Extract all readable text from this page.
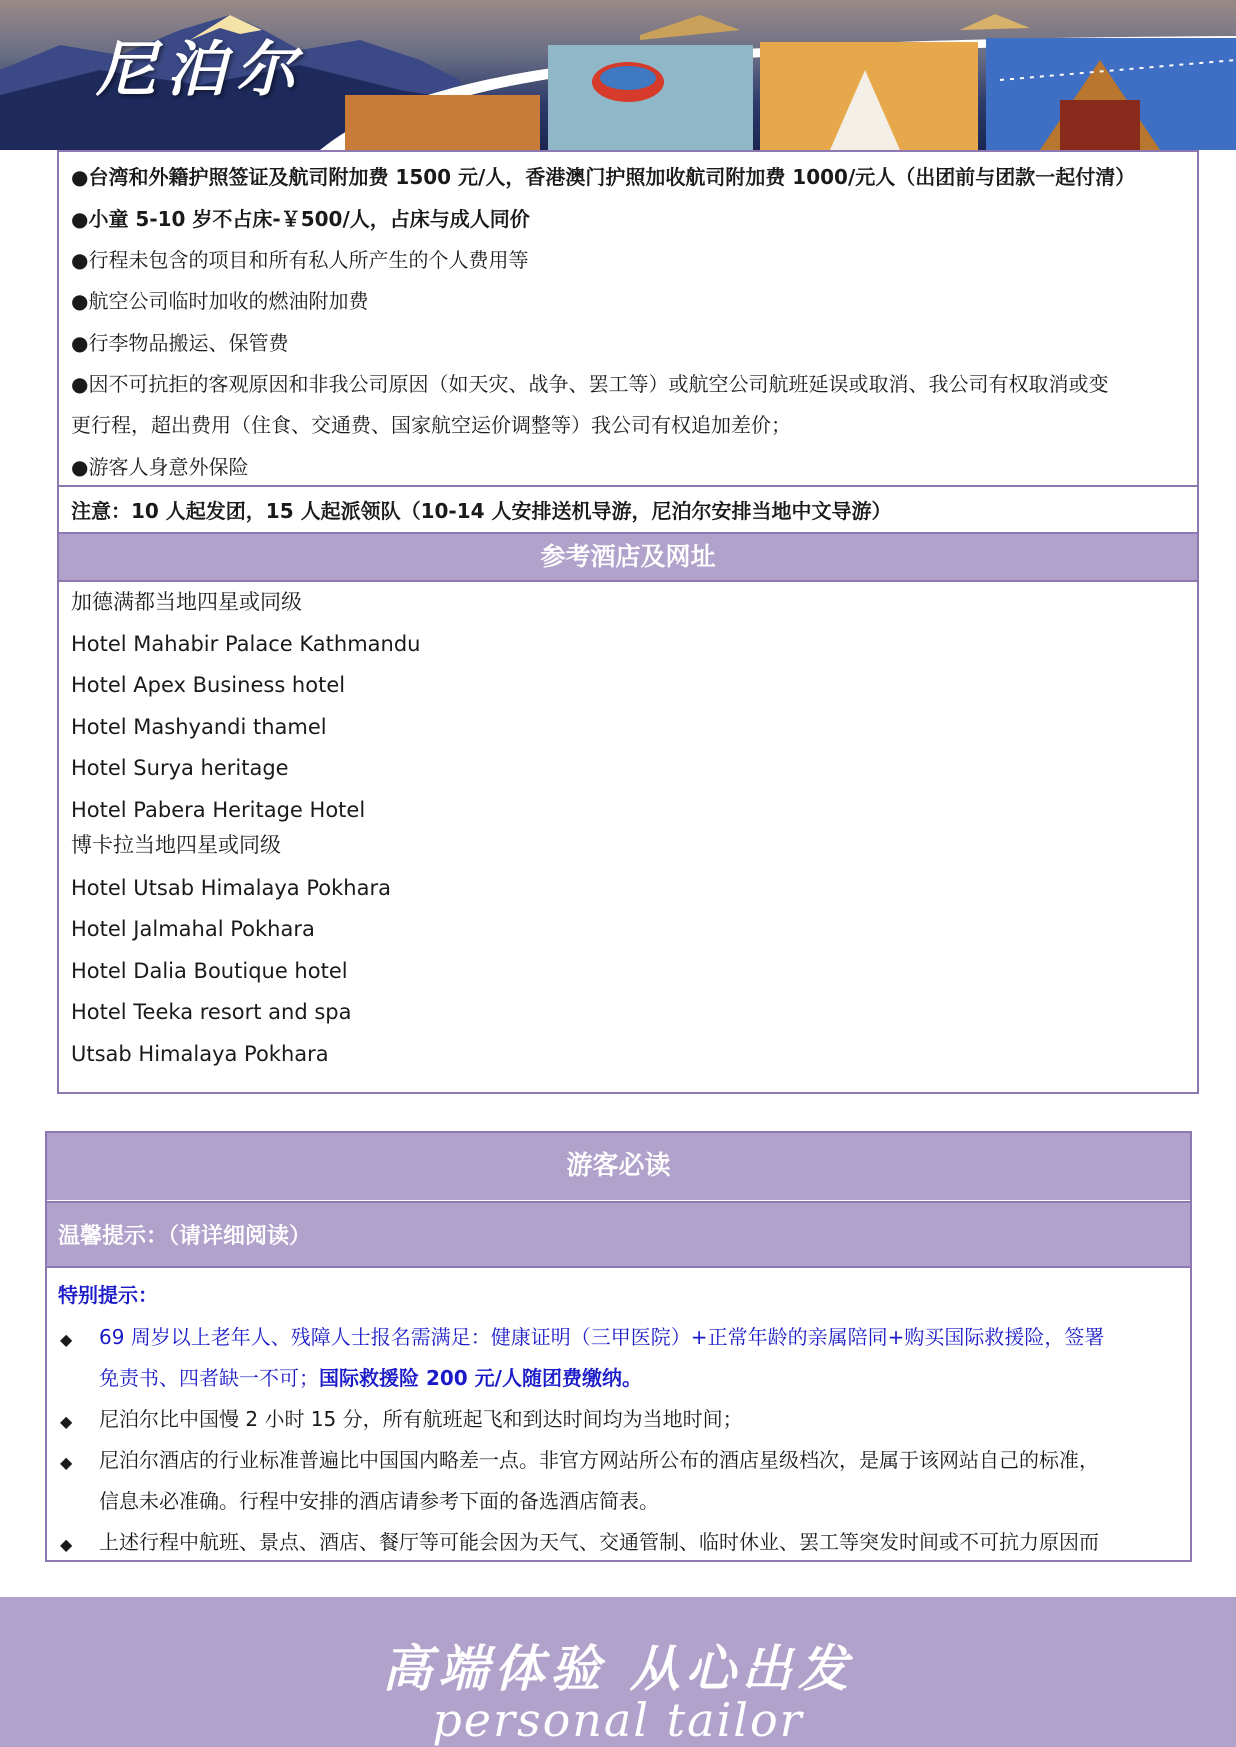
尼泊尔
●台湾和外籍护照签证及航司附加费 1500 元/人，香港澳门护照加收航司附加费 1000/元人（出团前与团款一起付清）
●小童 5-10 岁不占床-￥500/人，占床与成人同价
●行程未包含的项目和所有私人所产生的个人费用等
●航空公司临时加收的燃油附加费
●行李物品搬运、保管费
●因不可抗拒的客观原因和非我公司原因（如天灾、战争、罢工等）或航空公司航班延误或取消、我公司有权取消或变
更行程，超出费用（住食、交通费、国家航空运价调整等）我公司有权追加差价；
●游客人身意外保险
注意：10 人起发团，15 人起派领队（10-14 人安排送机导游，尼泊尔安排当地中文导游）
参考酒店及网址
加德满都当地四星或同级
Hotel Mahabir Palace Kathmandu
Hotel Apex Business hotel
Hotel Mashyandi thamel
Hotel Surya heritage
Hotel Pabera Heritage Hotel
博卡拉当地四星或同级
Hotel Utsab Himalaya Pokhara
Hotel Jalmahal Pokhara
Hotel Dalia Boutique hotel
Hotel Teeka resort and spa
Utsab Himalaya Pokhara
游客必读
温馨提示：（请详细阅读）
特别提示：
◆ 69 周岁以上老年人、残障人士报名需满足：健康证明（三甲医院）+正常年龄的亲属陪同+购买国际救援险，签署
免责书、四者缺一不可；国际救援险 200 元/人随团费缴纳。
◆ 尼泊尔比中国慢 2 小时 15 分，所有航班起飞和到达时间均为当地时间；
◆ 尼泊尔酒店的行业标准普遍比中国国内略差一点。非官方网站所公布的酒店星级档次，是属于该网站自己的标准，
信息未必准确。行程中安排的酒店请参考下面的备选酒店简表。
◆ 上述行程中航班、景点、酒店、餐厅等可能会因为天气、交通管制、临时休业、罢工等突发时间或不可抗力原因而
高端体验 从心出发
personal tailor
